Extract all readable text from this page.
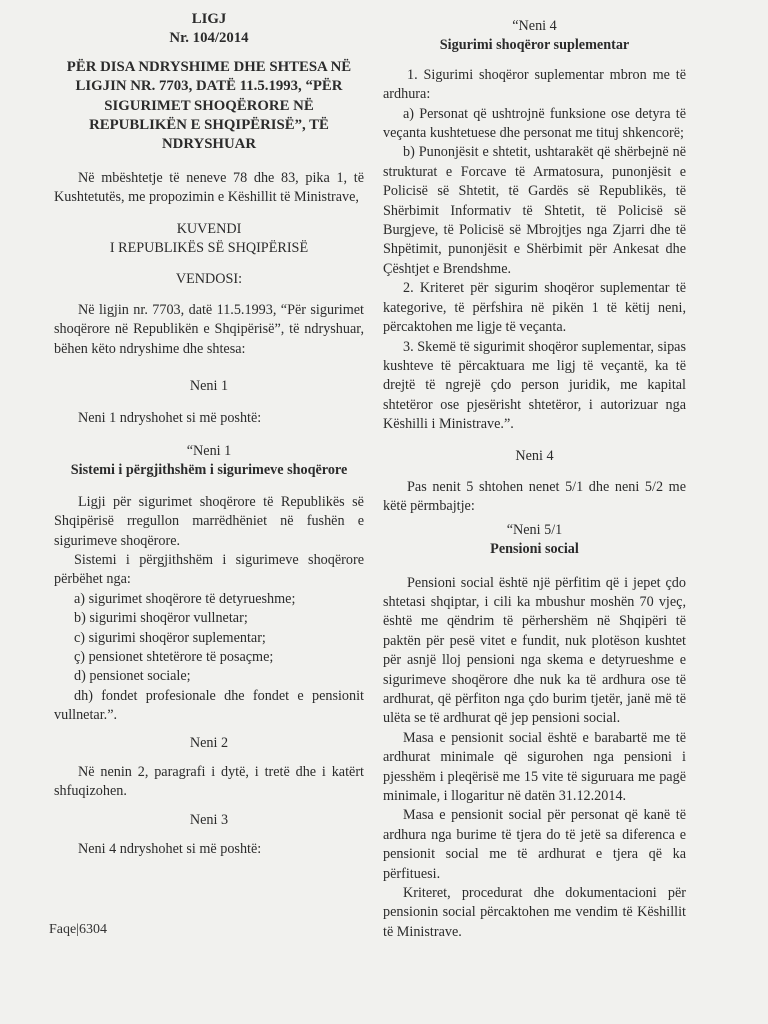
LIGJ

Nr. 104/2014

PËR DISA NDRYSHIME DHE SHTESA NË

LIGJIN NR. 7703, DATË 11.5.1993, “PËR

SIGURIMET SHOQËRORE NË

REPUBLIKËN E SHQIPËRISË”, TË

NDRYSHUAR

Në mbështetje të neneve 78 dhe 83, pika 1, të Kushtetutës, me propozimin e Këshillit të Ministrave,

KUVENDI

I REPUBLIKËS SË SHQIPËRISË

VENDOSI:

Në ligjin nr. 7703, datë 11.5.1993, “Për sigurimet shoqërore në Republikën e Shqipërisë”, të ndryshuar, bëhen këto ndryshime dhe shtesa:

Neni 1

Neni 1 ndryshohet si më poshtë:

“Neni 1

Sistemi i përgjithshëm i sigurimeve shoqërore

Ligji për sigurimet shoqërore të Republikës së Shqipërisë rregullon marrëdhëniet në fushën e sigurimeve shoqërore.

Sistemi i përgjithshëm i sigurimeve shoqërore përbëhet nga:

a) sigurimet shoqërore të detyrueshme;

b) sigurimi shoqëror vullnetar;

c) sigurimi shoqëror suplementar;

ç) pensionet shtetërore të posaçme;

d) pensionet sociale;

dh) fondet profesionale dhe fondet e pensionit vullnetar.”.

Neni 2

Në nenin 2, paragrafi i dytë, i tretë dhe i katërt shfuqizohen.

Neni 3

Neni 4 ndryshohet si më poshtë:

“Neni 4

Sigurimi shoqëror suplementar

1. Sigurimi shoqëror suplementar mbron me të ardhura:

a) Personat që ushtrojnë funksione ose detyra të veçanta kushtetuese dhe personat me tituj shkencorë;

b) Punonjësit e shtetit, ushtarakët që shërbejnë në strukturat e Forcave të Armatosura, punonjësit e Policisë së Shtetit, të Gardës së Republikës, të Shërbimit Informativ të Shtetit, të Policisë së Burgjeve, të Policisë së Mbrojtjes nga Zjarri dhe të Shpëtimit, punonjësit e Shërbimit për Ankesat dhe Çështjet e Brendshme.

2. Kriteret për sigurim shoqëror suplementar të kategorive, të përfshira në pikën 1 të këtij neni, përcaktohen me ligje të veçanta.

3. Skemë të sigurimit shoqëror suplementar, sipas kushteve të përcaktuara me ligj të veçantë, ka të drejtë të ngrejë çdo person juridik, me kapital shtetëror ose pjesërisht shtetëror, i autorizuar nga Këshilli i Ministrave.”.

Neni 4

Pas nenit 5 shtohen nenet 5/1 dhe neni 5/2 me këtë përmbajtje:

“Neni 5/1

Pensioni social

Pensioni social është një përfitim që i jepet çdo shtetasi shqiptar, i cili ka mbushur moshën 70 vjeç, është me qëndrim të përhershëm në Shqipëri të paktën për pesë vitet e fundit, nuk plotëson kushtet për asnjë lloj pensioni nga skema e detyrueshme e sigurimeve shoqërore dhe nuk ka të ardhura ose të ardhurat, që përfiton nga çdo burim tjetër, janë më të ulëta se të ardhurat që jep pensioni social.

Masa e pensionit social është e barabartë me të ardhurat minimale që sigurohen nga pensioni i pjesshëm i pleqërisë me 15 vite të siguruara me pagë minimale, i llogaritur në datën 31.12.2014.

Masa e pensionit social për personat që kanë të ardhura nga burime të tjera do të jetë sa diferenca e pensionit social me të ardhurat e tjera që ka përfituesi.

Kriteret, procedurat dhe dokumentacioni për pensionin social përcaktohen me vendim të Këshillit të Ministrave.

Faqe|6304
